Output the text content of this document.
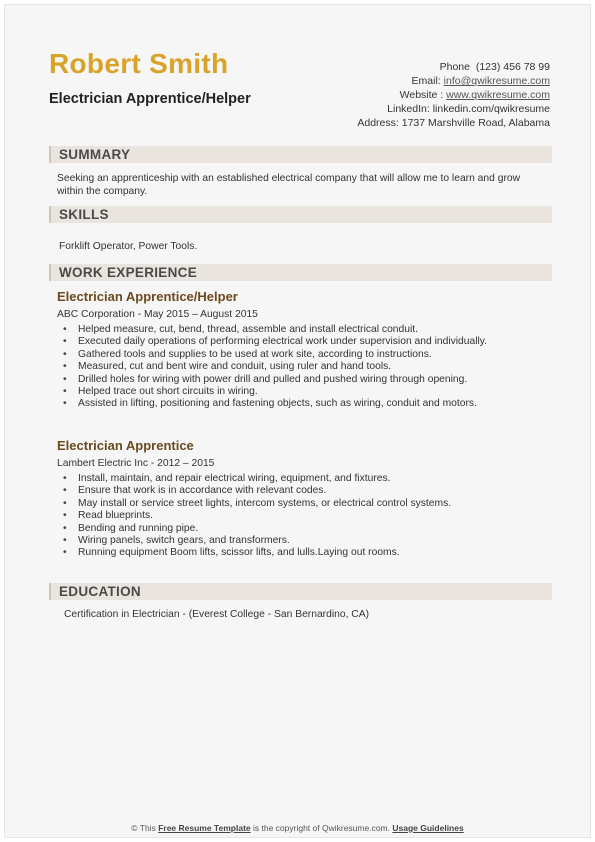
Robert Smith
Electrician Apprentice/Helper
Phone (123) 456 78 99
Email: info@qwikresume.com
Website : www.qwikresume.com
LinkedIn: linkedin.com/qwikresume
Address: 1737 Marshville Road, Alabama
SUMMARY
Seeking an apprenticeship with an established electrical company that will allow me to learn and grow within the company.
SKILLS
Forklift Operator, Power Tools.
WORK EXPERIENCE
Electrician Apprentice/Helper
ABC Corporation - May 2015 – August 2015
• Helped measure, cut, bend, thread, assemble and install electrical conduit.
• Executed daily operations of performing electrical work under supervision and individually.
• Gathered tools and supplies to be used at work site, according to instructions.
• Measured, cut and bent wire and conduit, using ruler and hand tools.
• Drilled holes for wiring with power drill and pulled and pushed wiring through opening.
• Helped trace out short circuits in wiring.
• Assisted in lifting, positioning and fastening objects, such as wiring, conduit and motors.
Electrician Apprentice
Lambert Electric Inc - 2012 – 2015
• Install, maintain, and repair electrical wiring, equipment, and fixtures.
• Ensure that work is in accordance with relevant codes.
• May install or service street lights, intercom systems, or electrical control systems.
• Read blueprints.
• Bending and running pipe.
• Wiring panels, switch gears, and transformers.
• Running equipment Boom lifts, scissor lifts, and lulls.Laying out rooms.
EDUCATION
Certification in Electrician - (Everest College - San Bernardino, CA)
© This Free Resume Template is the copyright of Qwikresume.com. Usage Guidelines
